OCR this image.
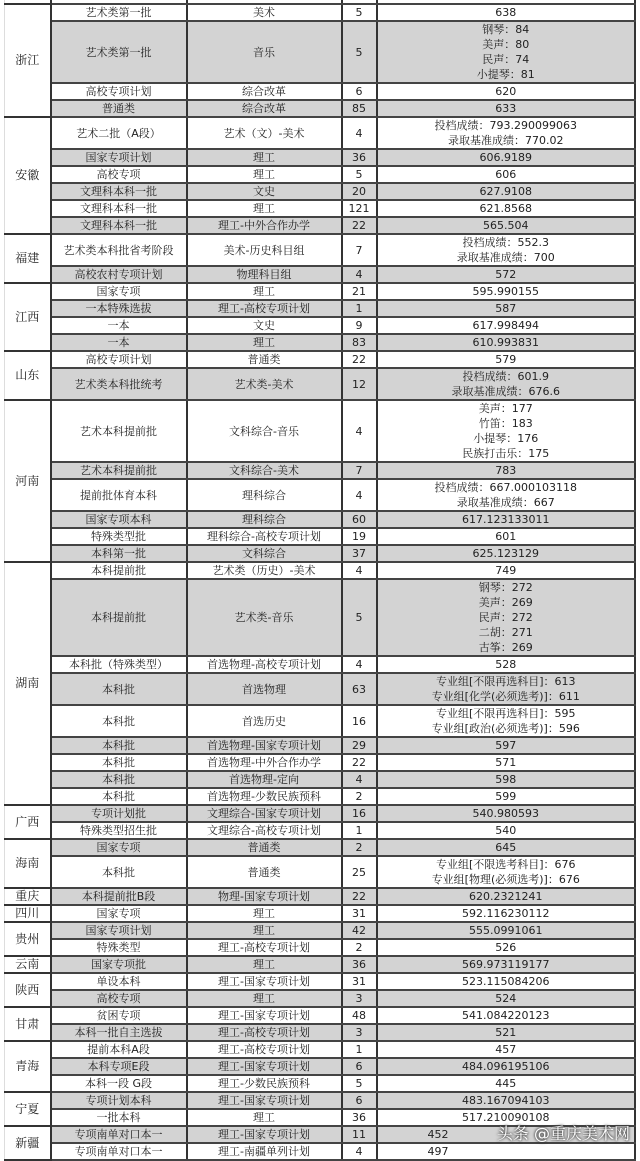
浙江	艺术类第一批	美术	5	638

	艺术类第一批	音乐	5	钢琴：84
美声：80
民声：74
小提琴：81

	高校专项计划	综合改革	6	620

	普通类	综合改革	85	633

安徽	艺术二批（A段）	艺术（文）-美术	4	投档成绩：793.290099063
录取基准成绩：770.02

	国家专项计划	理工	36	606.9189

	高校专项	理工	5	606

	文理科本科一批	文史	20	627.9108

	文理科本科一批	理工	121	621.8568

	文理科本科一批	理工-中外合作办学	22	565.504

福建	艺术类本科批省考阶段	美术-历史科目组	7	投档成绩：552.3
录取基准成绩：700

	高校农村专项计划	物理科目组	4	572

江西	国家专项	理工	21	595.990155

	一本特殊选拔	理工-高校专项计划	1	587

	一本	文史	9	617.998494

	一本	理工	83	610.993831

山东	高校专项计划	普通类	22	579

	艺术类本科批统考	艺术类-美术	12	投档成绩：601.9
录取基准成绩：676.6

河南	艺术本科提前批	文科综合-音乐	4	美声：177
竹笛：183
小提琴：176
民族打击乐：175

	艺术本科提前批	文科综合-美术	7	783

	提前批体育本科	理科综合	4	投档成绩：667.000103118
录取基准成绩：667

	国家专项本科	理科综合	60	617.123133011

	特殊类型批	理科综合-高校专项计划	19	601

	本科第一批	文科综合	37	625.123129

湖南	本科提前批	艺术类（历史）-美术	4	749

	本科提前批	艺术类-音乐	5	钢琴：272
美声：269
民声：272
二胡：271
古筝：269

	本科批（特殊类型）	首选物理-高校专项计划	4	528

	本科批	首选物理	63	专业组[不限再选科目]：613
专业组[化学(必须选考)]：611

	本科批	首选历史	16	专业组[不限再选科目]：595
专业组[政治(必须选考)]：596

	本科批	首选物理-国家专项计划	29	597

	本科批	首选物理-中外合作办学	22	571

	本科批	首选物理-定向	4	598

	本科批	首选物理-少数民族预科	2	599

广西	专项计划批	文理综合-国家专项计划	16	540.980593

	特殊类型招生批	文理综合-高校专项计划	1	540

海南	国家专项	普通类	2	645

	本科批	普通类	25	专业组[不限选考科目]：676
专业组[物理(必须选考)]：676

重庆	本科提前批B段	物理-国家专项计划	22	620.2321241

四川	国家专项	理工	31	592.116230112

贵州	国家专项计划	理工	42	555.0991061

	特殊类型	理工-高校专项计划	2	526

云南	国家专项批	理工	36	569.973119177

陕西	单设本科	理工-国家专项计划	31	523.115084206

	高校专项	理工	3	524

甘肃	贫困专项	理工-国家专项计划	48	541.084220123

	本科一批自主选拔	理工-高校专项计划	3	521

青海	提前本科A段	理工-高校专项计划	1	457

	本科专项E段	理工-国家专项计划	6	484.096195106

	本科一段 G段	理工-少数民族预科	5	445

宁夏	专项计划本科	理工-国家专项计划	6	483.167094103

	一批本科	理工	36	517.210090108

新疆	专项南单对口本一	理工-国家专项计划	11	452

	专项南单对口本一	理工-南疆单列计划	4	497
头条 @重庆美术网
